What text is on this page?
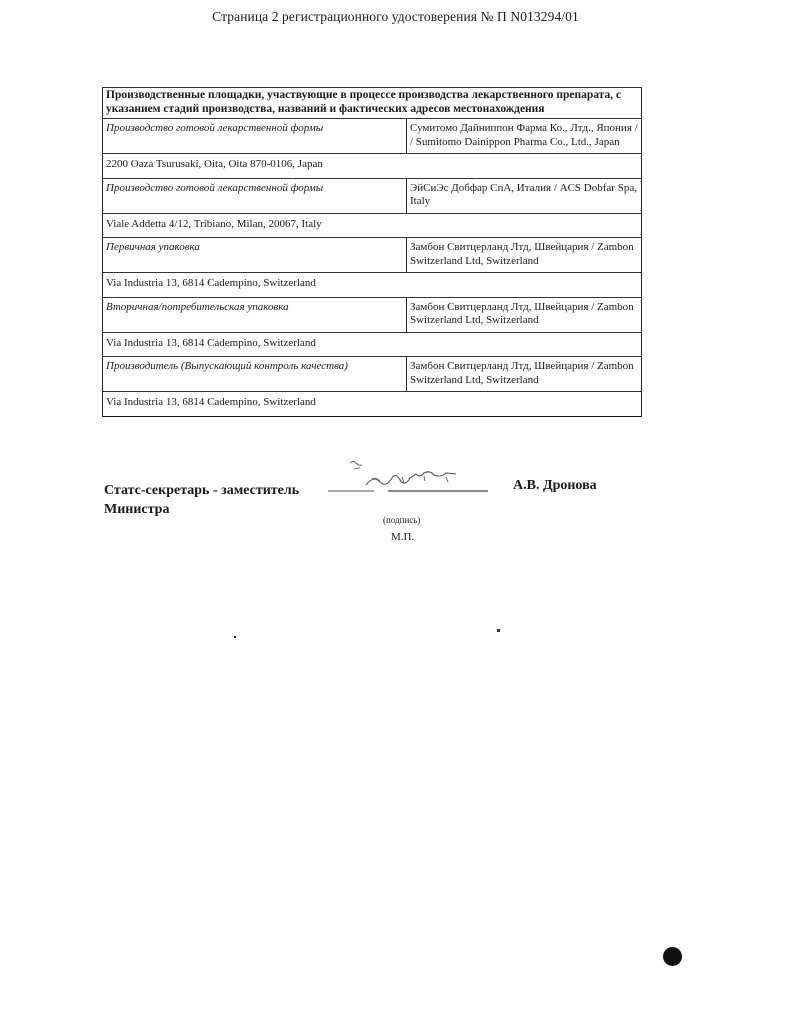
Страница 2 регистрационного удостоверения № П N013294/01
Производственные площадки, участвующие в процессе производства лекарственного препарата, с указанием стадий производства, названий и фактических адресов местонахождения	
Производство готовой лекарственной формы	Сумитомо Дайниппон Фарма Ко., Лтд., Япония / / Sumitomo Dainippon Pharma Co., Ltd., Japan
2200 Oaza Tsurusaki, Oita, Oita 870-0106, Japan	
Производство готовой лекарственной формы	ЭйСиЭс Добфар СпА, Италия / ACS Dobfar Spa, Italy
Viale Addetta 4/12, Tribiano, Milan, 20067, Italy	
Первичная упаковка	Замбон Свитцерланд Лтд, Швейцария / Zambon Switzerland Ltd, Switzerland
Via Industria 13, 6814 Cadempino, Switzerland	
Вторичная/потребительская упаковка	Замбон Свитцерланд Лтд, Швейцария / Zambon Switzerland Ltd, Switzerland
Via Industria 13, 6814 Cadempino, Switzerland	
Производитель (Выпускающий контроль качества)	Замбон Свитцерланд Лтд, Швейцария / Zambon Switzerland Ltd, Switzerland
Via Industria 13, 6814 Cadempino, Switzerland	
Статс-секретарь - заместитель
Министра
А.В. Дронова
(подпись)
М.П.
